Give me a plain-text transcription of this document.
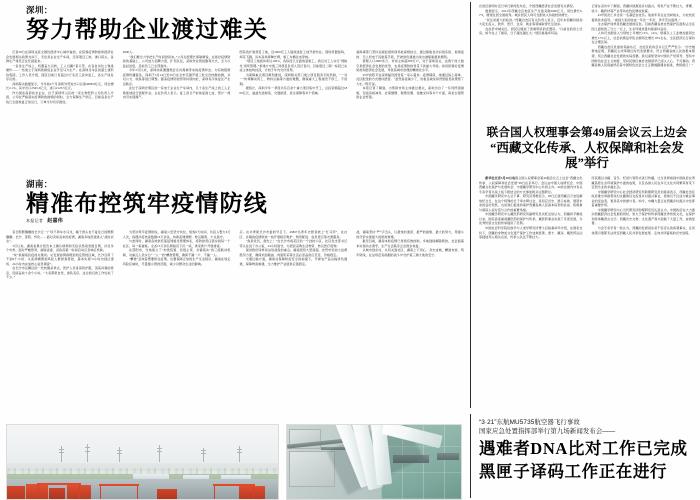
深圳：
努力帮助企业渡过难关

记者28日在深圳这座全国性经济中心城市看到，在统筹疫情防控和经济社会发展相关政策支持下，无论是企业生产车间，还是项目工地、港口码头，各种生产建设正在忙碌起来。

一条条生产线上，机器奋力运转，工人们戴ैं着口罩，在各自岗位上熟练操作——一些建立于深圳的制造企业开足马力生产。在深圳龙华区的富士康科技集团，工作人员介绍，园区目前已有超过5万名员工返岗复工，各生产线有序运转。

深圳海关数据显示，今年前2个月深圳外贸进出口总值4688.8亿元，同比增长2.1%。其中出口2565.3亿元，进口2123.5亿元。

作为国家高新技术企业，位于深圳坪山区的一家生物医药公司负责人介绍，公司在严格落实疫情防控措施的同时，全力保障生产供应，目前各条生产线已全面恢复正常运行，订单交付有序推进。

4000人。

“我们要全力争把生产时间抢回来。”公司总经理长尾敏晴说，在抓好疫情防控的基础上，公司加大招聘力度，扩充队伍，采取作业两班倒等方式，全力以赴赶进度，目前员工已全部到岗。

今年2月以来，深圳持续遭遇奥密克戎毒株带来的疫情冲击。为有效阻断疫情传播链条，深圳于3月14日至20日在全市范围开展三轮全员核酸检测，并对公交、地铁等进行调整。随着疫情防控形势持续向好，深圳有序恢复生产生活秩序。

在位于深圳光明区的一家电子企业生产车间内，几十条生产线上的工人正熟练地进行装配作业。企业负责人表示，复工首日产能恢复到七成，预计一周内可实现满产。

医院改扩建项目工地，近2000名工人陆续进驻工地开展作业。现场机器轰鸣，焊花飞溅，吊车高举挥舞长臂，施工车辆往来穿梭。

“项目工地到岗率达100%，各标段已全面恢复施工，我们对工人实行‘网格化’闭环管理。”承建方中建三局项目负责人答记者问，目前项目二期一标段已完成主体结构封顶，计划于年内交付使用。

为保障重点项目顺利推进，深圳相关部门建立项目服务专班机制，“一对一”协调解决用工、物料运输等方面的难题，确保重大工程建设不停工、不误期。

据统计，深圳今年一季度共有百余个重大项目集中开工，总投资额超过1800亿元，涵盖先进制造、交通枢纽、民生保障等多个领域。

刹海事部门坚持远程监督和现场检查相结合，通过船舶自动识别系统、视频监控、无人机电子巡航等手段，开辟绿色通道为进出港船舶提供便利。

管理人口2000多万、市场主体超380万户，对于深圳而言，这两个庞大数字是经济社会发展的优势，也是疫情防控背景下的重大考验。如何统筹好疫情防控和经济社会发展，考验着城市治理的精细化水平。

43岁的陈芳在深圳福田经营着一家小超市。疫情期间，她通过线上接单、社区配送的方式维持经营。“虽然客流减少了，但租金减免和贷款贴息政策帮了大忙。”陈芳说。

本报记者了解到，为帮助市场主体渡过难关，深圳出台了一系列纾困措施，包括房租减免、社保缓缴、税费优惠、金融支持等多个方面，真金白银帮助企业纾困。

湖南：
精准布控筑牢疫情防线
本报记者 赵嘉伟

昔日熙熙攘攘的长沙五一广场不再车水马龙，橘子洲头也不复往日的熙熙攘攘。长沙、邵阳、怀化……面对突如其来的疫情，湖南多地迅速进入“战时状态”。

3月以来，湖南省累计报告本土确诊病例和无症状感染者数百例，涉及多个市州。面对严峻形势，湖南省委、省政府第一时间启动应急响应机制。

“快”是湖南抗疫的关键词。从发现首例病例到划定管控区域，长沙仅用了不到6个小时；从流调溯源到风险人群排查管控，基本实现“2小时内到达现场、24小时内完成核心信息调查”。

在长沙市岳麓区的一处核酸采样点，医护人员身着防护服，顶着初春的寒意，连续奋战十余个小时。“大家都很自觉，排队有序，这让我们的工作轻松了不少。”

为坚决筑牢疫情防线，湖南公安坚守岗位，短短6天时间，共投入警力6万人次，梳理涉疫核查数据10万余条，协助流调溯源、转运隔离、卡点值守。

与此同时，湖南各地依托基层网格化管理体系，将防控责任落实到每一个社区、每一栋楼栋。全省13万余名网格员下沉一线，挨家挨户开展排查。

在邵阳市，当地建立了“市级统筹、县级主责、乡镇落实”的三级联动机制，对重点人员实行“一人一档”精准管理，确保不漏一户、不漏一人。

“精准”意味着既要防住疫情，也要保障正常的生产生活秩序。湖南在划定风险区域时，尽量缩小管控范围，减少对群众生活的影响。

应。在共青团长沙市委的号召下，45867名青年志愿者披上“红马甲”，在社区、乡镇的疫情防控一线开展秩序维护、物资配送、信息登记等志愿服务。

“我是党员，我先上！”在长沙市雨花区的一个封控小区，社区党支部书记带头住进了办公室，24小时值守，为居民采购生活物资、转运医疗废物。

保供稳价同样是这场战役的重点。湖南组织大型商超、农贸市场加大货源组织力度，确保米面粮油、肉蛋奶菜等生活必需品供应充足、价格稳定。

交通运输方面，湖南在保障防疫安全的前提下，开辟农产品运输绿色通道，保障物流畅通，全力维护产业链供应链稳定。

战，湖南坚持“严”字当头，以最快的速度、最严的措施、最大的努力，用最小的代价实现最大的防控效果。

截至目前，湖南本轮疫情已得到有效控制，多地陆续解除管控，社会面基本实现动态清零，生产生活秩序正在稳步恢复。

从城市到乡村，从机关到社区，湖南上下同心、众志成城，精准布控、筑牢防线，在这场没有硝烟的战斗中守护着三湘大地的安宁。

自治区新闻办近日举行新闻发布会，介绍西藏经济社会发展有关情况。

数据显示，2021年西藏全区地区生产总值突破2000亿元，同比增长6.7%，增速位居全国前列。城乡居民人均可支配收入持续较快增长。

“民生是最大的政治。”西藏自治区有关负责人表示，近年来西藏持续加大民生投入，教育、医疗、住房、就业等领域取得长足进步。

在拉萨市城关区，居民们搬进了宽敞明亮的安置房。“以前住的是土坯房，如今住上了楼房，日子越过越红火。”居民格桑卓玛说。

记者在采访中了解到，西藏持续推进乡村振兴，特色产业不断壮大，青稞、牦牛、藏药材等产业带动农牧民增收致富。

43岁的次仁多吉是一名基层农技员。他常年奔走在田间地头，为农牧民提供技术指导。“看到大家的收成一年比一年好，再辛苦也值得。”

生态保护同样是西藏发展的底色。目前西藏各类自然保护区面积占全区国土面积的三分之一以上，生态环境质量持续保持良好。

人均可支配收入分别较上年增长13%、14%。规模以上工业增加值同比增长17%以上，社会消费品零售总额同比增长10%左右，全区经济运行保持在合理区间。

西藏自治区党委常务副书记、自治区政协章书记正严严表示：“历史雄辩地证明，西藏民主改革顺应时代发展要求，符合西藏各族人民的根本愿望，契合西藏社会发展的实际需要。我们深知坚持中国共产党领导、坚持中国特色社会主义制度、坚持民族区域自治制度早已深入人心，不可撼动。西藏各族人民将始终沿着中国特色社会主义正确道路阔步前进，勇毅前行！”

联合国人权理事会第49届会议云上边会
“西藏文化传承、人权保障和社会发展”举行

新华社北京3月28日电联合国人权理事会第49届会议云上边会“西藏文化传承、人权保障和社会发展”28日在京举行。会议由中国人权研究会、中国西藏文化保护与发展协会、中国藏学研究中心共同主办。40余位国内外有关专家学者以线上线下相结合的方式参加相关议题研讨。

中国藏学研究中心总干事、研究员郑堆表示，28日正值西藏百万农奴解放纪念日，在这个特殊的日子举办研讨会，是回应历史、展示成就、展望未来的良好契机，也是我们促进和保护西藏各族人民基本权利和自由、积极参与国际人权对话与合作的重要举措。

中国藏学研究中心藏医药研究所副研究员次旺边觉认为，西藏和平解放以来，国家高度重视藏医药的保护与传承，藏医药事业实现了可喜发展，为优秀传统文化的传承提供了范例。

中国社会科学院民族学与人类学研究所博士后格桑卓玛介绍，在国家支持下，西藏的非物质文化遗产保护工作成效显著，唐卡、藏戏、藏医药浴法等陆续列入相关名录，传承人队伍不断壮大。

所获通过书籍、音乐、纪录片等形式进行传播，让全世界看到中国政府在青藏高原生态环境保护方面的成果，以及各族人民在多元文化共同繁荣背景下安居乐业的幸福生活。

中国藏学研究中心社会经济研究所助理研究员刘星雨表示，西藏自治区政府推出举措帮扶妇女藏族妇女投身乡村振兴事业，使她们不仅成为就业事业的受益者，更是其中的参与者。如今，巾帼力量正在西藏乡村振兴中发挥着重要作用。

中国藏学研究中心当代研究所助理研究员扎洛认为，中国政府在大力推动西藏经济社会发展的同时，致力于保护和传承西藏优秀传统文化，在保护和传承藏语言文字、西藏历史文物、文化遗产等方面做了大量工作，成效显著。

与会专家学者一致认为，西藏的发展进步是不容否认的客观事实，任何抹黑污蔑都无法改变西藏人民共享发展成果、走向共同富裕的历史进程。

“3·21”东航MU5735航空器飞行事故
国家应急处置指挥部举行第九场新闻发布会——
遇难者DNA比对工作已完成
黑匣子译码工作正在进行
